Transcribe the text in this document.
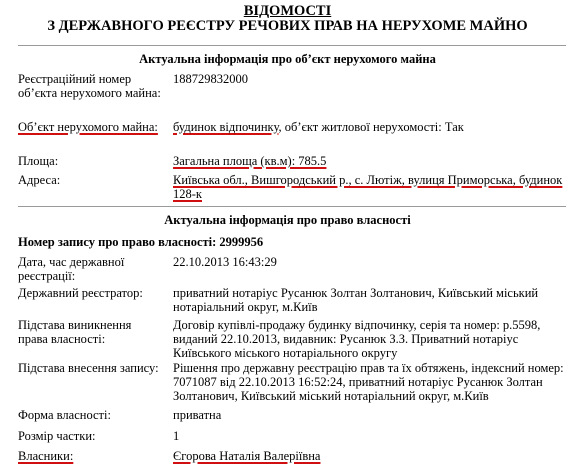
ВІДОМОСТІ
З ДЕРЖАВНОГО РЕЄСТРУ РЕЧОВИХ ПРАВ НА НЕРУХОМЕ МАЙНО
Актуальна інформація про об’єкт нерухомого майна
Реєстраційний номер об’єкта нерухомого майна:
188729832000
Об’єкт нерухомого майна:	будинок відпочинку, об’єкт житлової нерухомості: Так
Площа:	Загальна площа (кв.м): 785.5
Адреса:	Київська обл., Вишгородський р., с. Лютіж, вулиця Приморська, будинок 128-к
Актуальна інформація про право власності
Номер запису про право власності: 2999956
Дата, час державної реєстрації:
22.10.2013 16:43:29
Державний реєстратор:	приватний нотаріус Русанюк Золтан Золтанович, Київський міський нотаріальний округ, м.Київ
Підстава виникнення права власності:
Договір купівлі-продажу будинку відпочинку, серія та номер: р.5598, виданий 22.10.2013, видавник: Русанюк З.З. Приватний нотаріус Київського міського нотаріального округу
Підстава внесення запису:	Рішення про державну реєстрацію прав та їх обтяжень, індексний номер: 7071087 від 22.10.2013 16:52:24, приватний нотаріус Русанюк Золтан Золтанович, Київський міський нотаріальний округ, м.Київ
Форма власності:	приватна
Розмір частки:	1
Власники:	Єгорова Наталія Валеріївна
